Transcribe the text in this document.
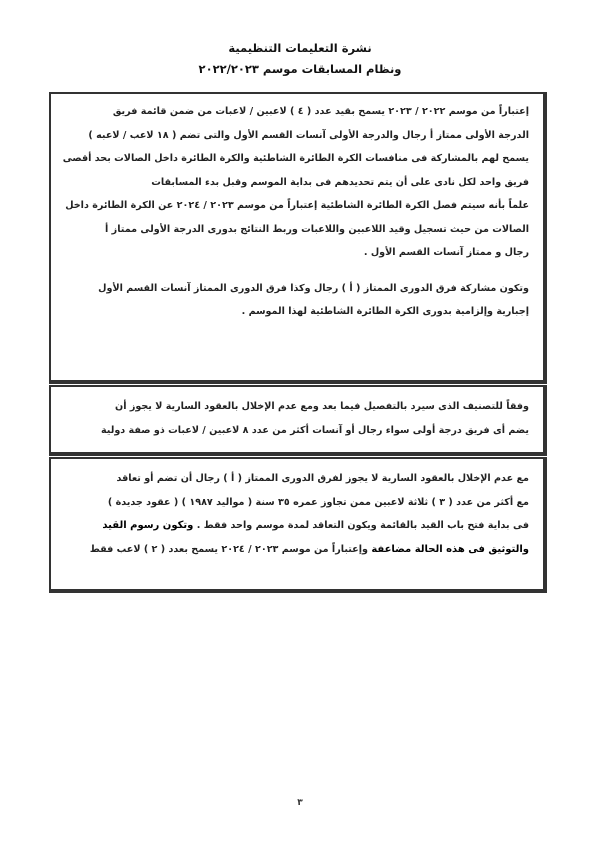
نشرة التعليمات التنظيمية
ونظام المسابقات موسم ٢٠٢٢/٢٠٢٣

إعتباراً من موسم ٢٠٢٢ / ٢٠٢٣ يسمح بقيد عدد ( ٤ ) لاعبين / لاعبات من ضمن قائمة فريق
الدرجة الأولى ممتاز أ رجال والدرجة الأولى آنسات القسم الأول والتى تضم ( ١٨ لاعب / لاعبه )
يسمح لهم بالمشاركة فى منافسات الكرة الطائرة الشاطئية والكرة الطائرة داخل الصالات بحد أقصى
فريق واحد لكل نادى على أن يتم تحديدهم فى بداية الموسم وقبل بدء المسابقات
علماً بأنه سيتم فصل الكرة الطائرة الشاطئية إعتباراً من موسم ٢٠٢٣ / ٢٠٢٤ عن الكرة الطائرة داخل
الصالات من حيث تسجيل وقيد اللاعبين واللاعبات وربط النتائج بدورى الدرجة الأولى ممتاز أ
رجال و ممتاز آنسات القسم الأول .

وتكون مشاركة فرق الدورى الممتاز ( أ ) رجال وكذا فرق الدورى الممتاز آنسات القسم الأول
إجبارية وإلزامية بدورى الكرة الطائرة الشاطئية لهذا الموسم .

وفقاً للتصنيف الذى سيرد بالتفصيل فيما بعد ومع عدم الإخلال بالعقود السارية لا يجوز أن
يضم أى فريق درجة أولى سواء رجال أو آنسات أكثر من عدد ٨ لاعبين / لاعبات ذو صفة دولية

مع عدم الإخلال بالعقود السارية لا يجوز لفرق الدورى الممتاز ( أ ) رجال أن تضم أو تعاقد
مع أكثر من عدد ( ٣ ) ثلاثة لاعبين ممن تجاوز عمره ٣٥ سنة ( مواليد ١٩٨٧ ) ( عقود جديدة )
فى بداية فتح باب القيد بالقائمة ويكون التعاقد لمدة موسم واحد فقط . وتكون رسوم القيد
والتوثيق فى هذه الحالة مضاعفة وإعتباراً من موسم ٢٠٢٣ / ٢٠٢٤ يسمح بعدد ( ٢ ) لاعب فقط

٣
